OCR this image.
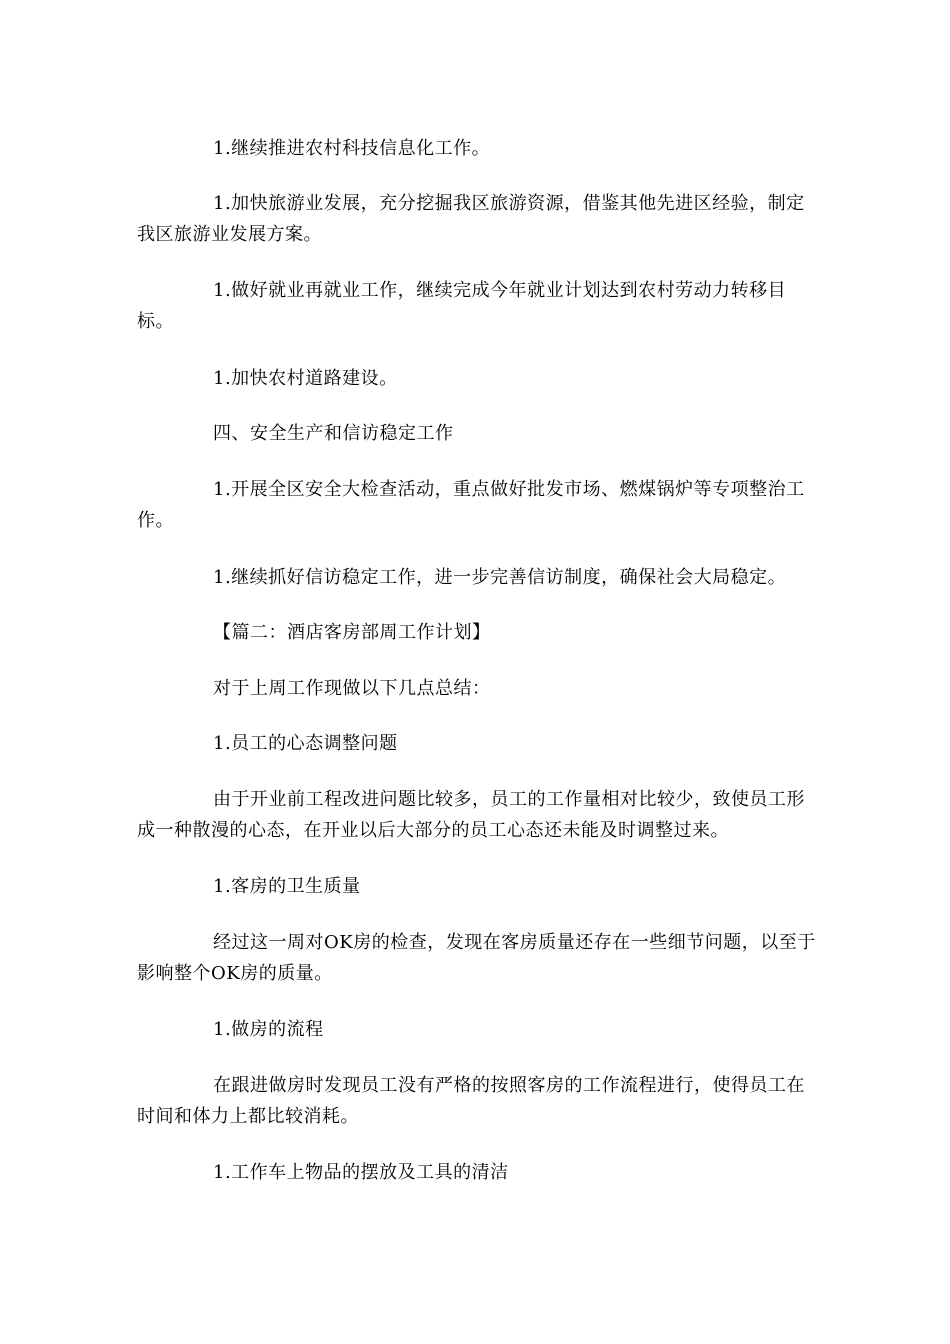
1.继续推进农村科技信息化工作。

1.加快旅游业发展，充分挖掘我区旅游资源，借鉴其他先进区经验，制定我区旅游业发展方案。

1.做好就业再就业工作，继续完成今年就业计划达到农村劳动力转移目标。

1.加快农村道路建设。

四、安全生产和信访稳定工作

1.开展全区安全大检查活动，重点做好批发市场、燃煤锅炉等专项整治工作。

1.继续抓好信访稳定工作，进一步完善信访制度，确保社会大局稳定。

【篇二：酒店客房部周工作计划】

对于上周工作现做以下几点总结：

1.员工的心态调整问题

由于开业前工程改进问题比较多，员工的工作量相对比较少，致使员工形成一种散漫的心态，在开业以后大部分的员工心态还未能及时调整过来。

1.客房的卫生质量

经过这一周对OK房的检查，发现在客房质量还存在一些细节问题，以至于影响整个OK房的质量。

1.做房的流程

在跟进做房时发现员工没有严格的按照客房的工作流程进行，使得员工在时间和体力上都比较消耗。

1.工作车上物品的摆放及工具的清洁
